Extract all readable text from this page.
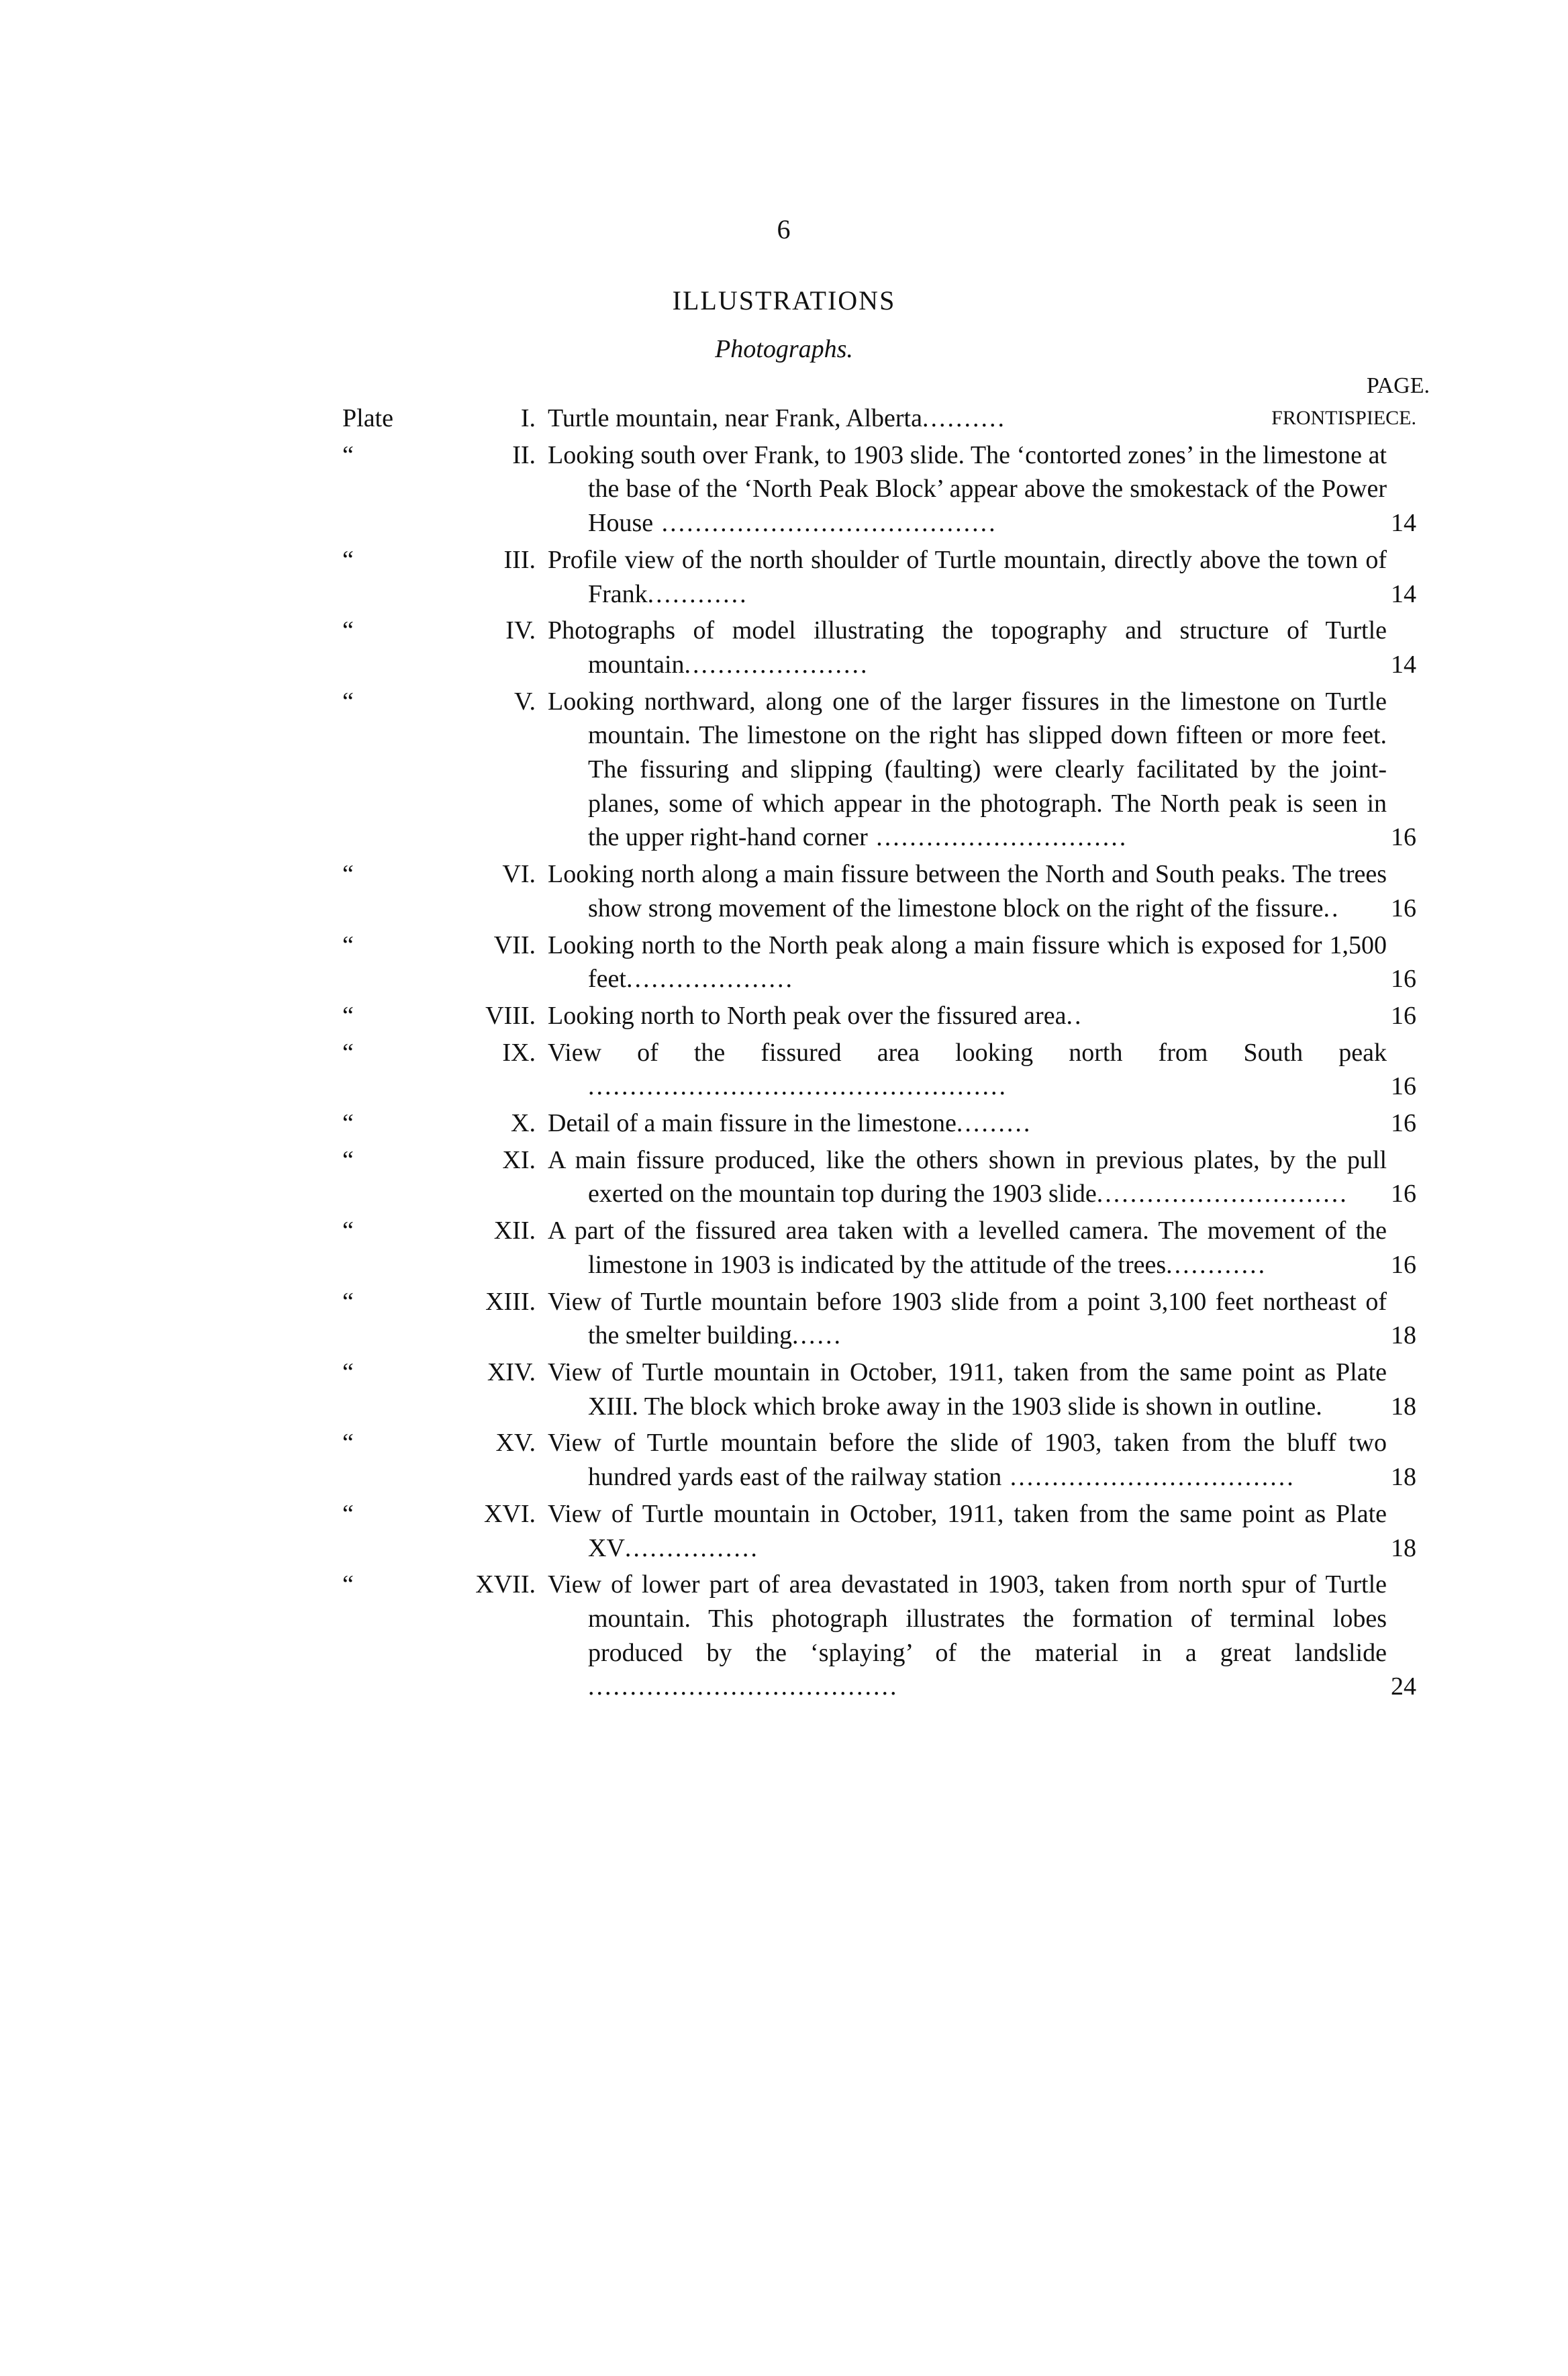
6
ILLUSTRATIONS
Photographs.
PAGE.
Plate	I. Turtle mountain, near Frank, Alberta..........	FRONTISPIECE.
“	II. Looking south over Frank, to 1903 slide. The ‘contorted zones’ in the limestone at the base of the ‘North Peak Block’ appear above the smokestack of the Power House ........................................	14
“	III. Profile view of the north shoulder of Turtle mountain, directly above the town of Frank............	14
“	IV. Photographs of model illustrating the topography and structure of Turtle mountain......................	14
“	V. Looking northward, along one of the larger fissures in the limestone on Turtle mountain. The limestone on the right has slipped down fifteen or more feet. The fissuring and slipping (faulting) were clearly facilitated by the joint-planes, some of which appear in the photograph. The North peak is seen in the upper right-hand corner ..............................	16
“	VI. Looking north along a main fissure between the North and South peaks. The trees show strong movement of the limestone block on the right of the fissure..	16
“	VII. Looking north to the North peak along a main fissure which is exposed for 1,500 feet....................	16
“	VIII. Looking north to North peak over the fissured area..	16
“	IX. View of the fissured area looking north from South peak ..................................................	16
“	X. Detail of a main fissure in the limestone.........	16
“	XI. A main fissure produced, like the others shown in previous plates, by the pull exerted on the mountain top during the 1903 slide..............................	16
“	XII. A part of the fissured area taken with a levelled camera. The movement of the limestone in 1903 is indicated by the attitude of the trees............	16
“	XIII. View of Turtle mountain before 1903 slide from a point 3,100 feet northeast of the smelter building......	18
“	XIV. View of Turtle mountain in October, 1911, taken from the same point as Plate XIII. The block which broke away in the 1903 slide is shown in outline.	18
“	XV. View of Turtle mountain before the slide of 1903, taken from the bluff two hundred yards east of the railway station ..................................	18
“	XVI. View of Turtle mountain in October, 1911, taken from the same point as Plate XV................	18
“	XVII. View of lower part of area devastated in 1903, taken from north spur of Turtle mountain. This photograph illustrates the formation of terminal lobes produced by the ‘splaying’ of the material in a great landslide .....................................	24
